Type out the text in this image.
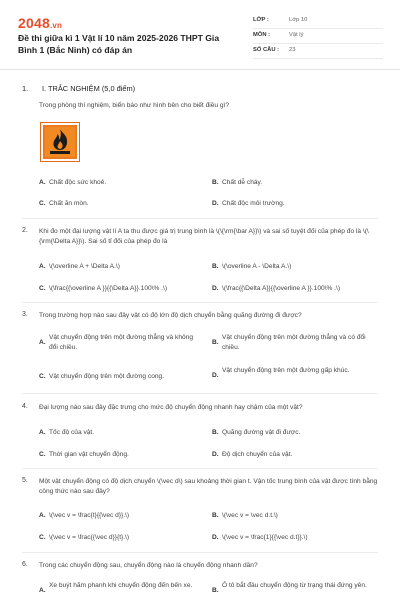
2048.vn
Đề thi giữa kì 1 Vật lí 10 năm 2025-2026 THPT Gia Bình 1 (Bắc Ninh) có đáp án
LỚP :	Lớp 10
MÔN :	Vật lý
SỐ CÂU : 23
1. I. TRẮC NGHIỆM (5,0 điểm)
Trong phòng thí nghiệm, biển báo như hình bên cho biết điều gì?
A. Chất độc sức khoẻ.	B. Chất dễ cháy.
C. Chất ăn mòn.	D. Chất độc môi trường.
2. Khi đo một đại lượng vật lí A ta thu được giá trị trung bình là \(\{\rm{\bar A}}\) và sai số tuyệt đối của phép đo là \(\{\rm{\Delta A}}\). Sai số tỉ đối của phép đo là
A. \(\overline A + \Delta A.\)	B. \(\overline A - \Delta A.\)
C. \(\frac{{\overline A }}{{\Delta A}}.100\% .\)	D. \(\frac{{\Delta A}}{{\overline A }}.100\% .\)
3. Trong trường hợp nào sau đây vật có độ lớn độ dịch chuyển bằng quãng đường đi được?
A.
Vật chuyển động trên một đường thẳng và không đổi chiều.
B.
Vật chuyển động trên một đường thẳng và có đổi chiều.
C. Vật chuyển động trên một đường cong.	D.
Vật chuyển động trên một đường gấp khúc.
4. Đại lượng nào sau đây đặc trưng cho mức độ chuyển động nhanh hay chậm của một vật?
A. Tốc độ của vật.	B. Quãng đường vật đi được.
C. Thời gian vật chuyển động.	D. Độ dịch chuyển của vật.
5. Một vật chuyển động có độ dịch chuyển \(\vec d\) sau khoảng thời gian t. Vận tốc trung bình của vật được tính bằng công thức nào sau đây?
A. \(\vec v = \frac{t}{{\vec d}}.\)	B. \(\vec v = \vec d.t.\)
C. \(\vec v = \frac{{\vec d}}{t}.\)	D. \(\vec v = \frac{1}{{\vec d.t}}.\)
6. Trong các chuyển động sau, chuyển động nào là chuyển động nhanh dần?
A.
Xe buýt hãm phanh khi chuyển động đến bến xe.
B.
Ô tô bắt đầu chuyển động từ trạng thái đứng yên.
